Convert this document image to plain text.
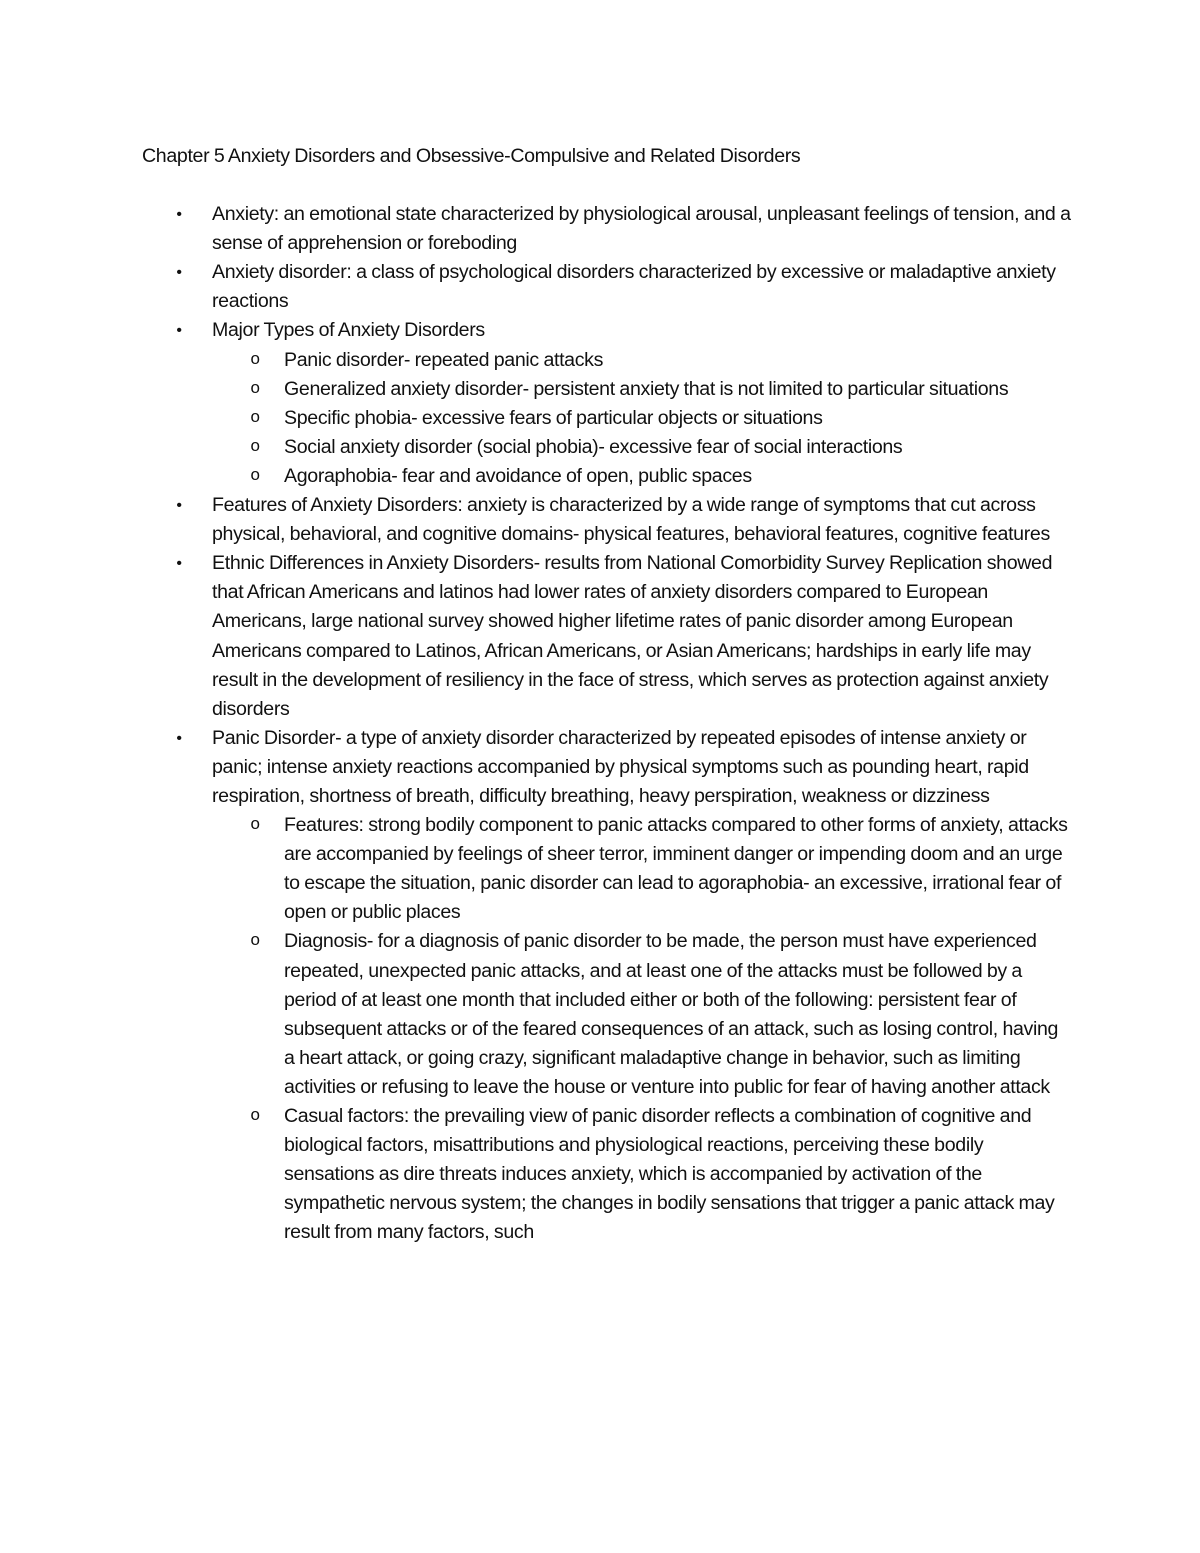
Chapter 5 Anxiety Disorders and Obsessive-Compulsive and Related Disorders
• Anxiety: an emotional state characterized by physiological arousal, unpleasant feelings of tension, and a sense of apprehension or foreboding
• Anxiety disorder: a class of psychological disorders characterized by excessive or maladaptive anxiety reactions
• Major Types of Anxiety Disorders
o Panic disorder- repeated panic attacks
o Generalized anxiety disorder- persistent anxiety that is not limited to particular situations
o Specific phobia- excessive fears of particular objects or situations
o Social anxiety disorder (social phobia)- excessive fear of social interactions
o Agoraphobia- fear and avoidance of open, public spaces
• Features of Anxiety Disorders: anxiety is characterized by a wide range of symptoms that cut across physical, behavioral, and cognitive domains- physical features, behavioral features, cognitive features
• Ethnic Differences in Anxiety Disorders- results from National Comorbidity Survey Replication showed that African Americans and latinos had lower rates of anxiety disorders compared to European Americans, large national survey showed higher lifetime rates of panic disorder among European Americans compared to Latinos, African Americans, or Asian Americans; hardships in early life may result in the development of resiliency in the face of stress, which serves as protection against anxiety disorders
• Panic Disorder- a type of anxiety disorder characterized by repeated episodes of intense anxiety or panic; intense anxiety reactions accompanied by physical symptoms such as pounding heart, rapid respiration, shortness of breath, difficulty breathing, heavy perspiration, weakness or dizziness
o Features: strong bodily component to panic attacks compared to other forms of anxiety, attacks are accompanied by feelings of sheer terror, imminent danger or impending doom and an urge to escape the situation, panic disorder can lead to agoraphobia- an excessive, irrational fear of open or public places
o Diagnosis- for a diagnosis of panic disorder to be made, the person must have experienced repeated, unexpected panic attacks, and at least one of the attacks must be followed by a period of at least one month that included either or both of the following: persistent fear of subsequent attacks or of the feared consequences of an attack, such as losing control, having a heart attack, or going crazy, significant maladaptive change in behavior, such as limiting activities or refusing to leave the house or venture into public for fear of having another attack
o Casual factors: the prevailing view of panic disorder reflects a combination of cognitive and biological factors, misattributions and physiological reactions, perceiving these bodily sensations as dire threats induces anxiety, which is accompanied by activation of the sympathetic nervous system; the changes in bodily sensations that trigger a panic attack may result from many factors, such
